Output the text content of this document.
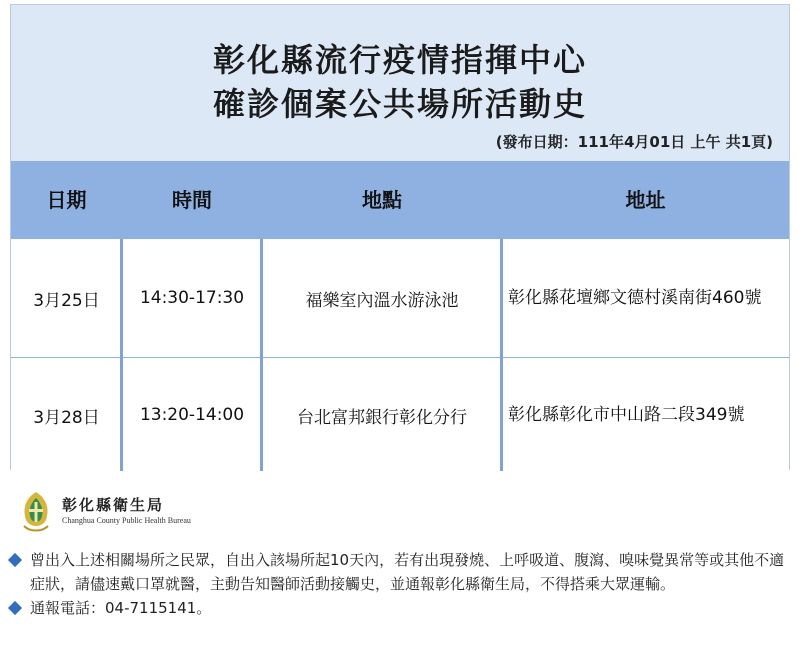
彰化縣流行疫情指揮中心
確診個案公共場所活動史
(發布日期：111年4月01日 上午 共1頁)
日期	時間	地點	地址
3月25日	14:30-17:30	福樂室內溫水游泳池	彰化縣花壇鄉文德村溪南街460號
3月28日	13:20-14:00	台北富邦銀行彰化分行	彰化縣彰化市中山路二段349號
彰化縣衛生局
Changhua County Public Health Bureau
曾出入上述相關場所之民眾，自出入該場所起10天內，若有出現發燒、上呼吸道、腹瀉、嗅味覺異常等或其他不適症狀，請儘速戴口罩就醫，主動告知醫師活動接觸史，並通報彰化縣衛生局，不得搭乘大眾運輸。
通報電話：04-7115141。
